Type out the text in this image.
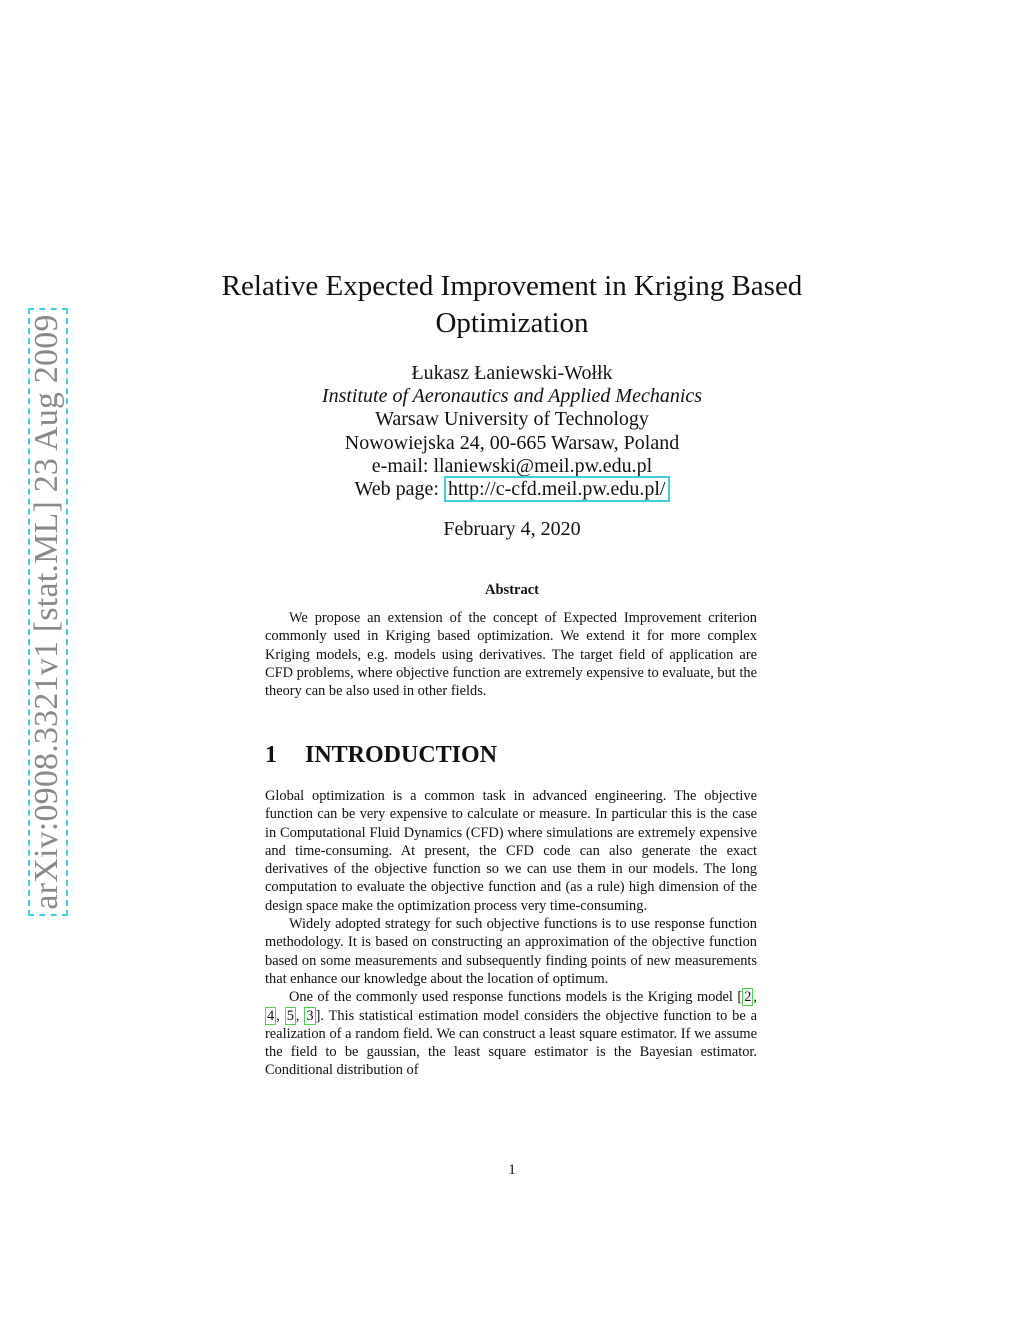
arXiv:0908.3321v1 [stat.ML] 23 Aug 2009
Relative Expected Improvement in Kriging Based Optimization
Łukasz Łaniewski-Wołłk
Institute of Aeronautics and Applied Mechanics
Warsaw University of Technology
Nowowiejska 24, 00-665 Warsaw, Poland
e-mail: llaniewski@meil.pw.edu.pl
Web page: http://c-cfd.meil.pw.edu.pl/
February 4, 2020
Abstract
We propose an extension of the concept of Expected Improvement criterion commonly used in Kriging based optimization. We extend it for more complex Kriging models, e.g. models using derivatives. The target field of application are CFD problems, where objective function are extremely expensive to evaluate, but the theory can be also used in other fields.
1 INTRODUCTION

Global optimization is a common task in advanced engineering. The objective function can be very expensive to calculate or measure. In particular this is the case in Computational Fluid Dynamics (CFD) where simulations are extremely expensive and time-consuming. At present, the CFD code can also generate the exact derivatives of the objective function so we can use them in our models. The long computation to evaluate the objective function and (as a rule) high dimension of the design space make the optimization process very time-consuming.

Widely adopted strategy for such objective functions is to use response function methodology. It is based on constructing an approximation of the objective function based on some measurements and subsequently finding points of new measurements that enhance our knowledge about the location of optimum.

One of the commonly used response functions models is the Kriging model [ 2 , 4 , 5 , 3 ]. This statistical estimation model considers the objective function to be a realization of a random field. We can construct a least square estimator. If we assume the field to be gaussian, the least square estimator is the Bayesian estimator. Conditional distribution of

1
